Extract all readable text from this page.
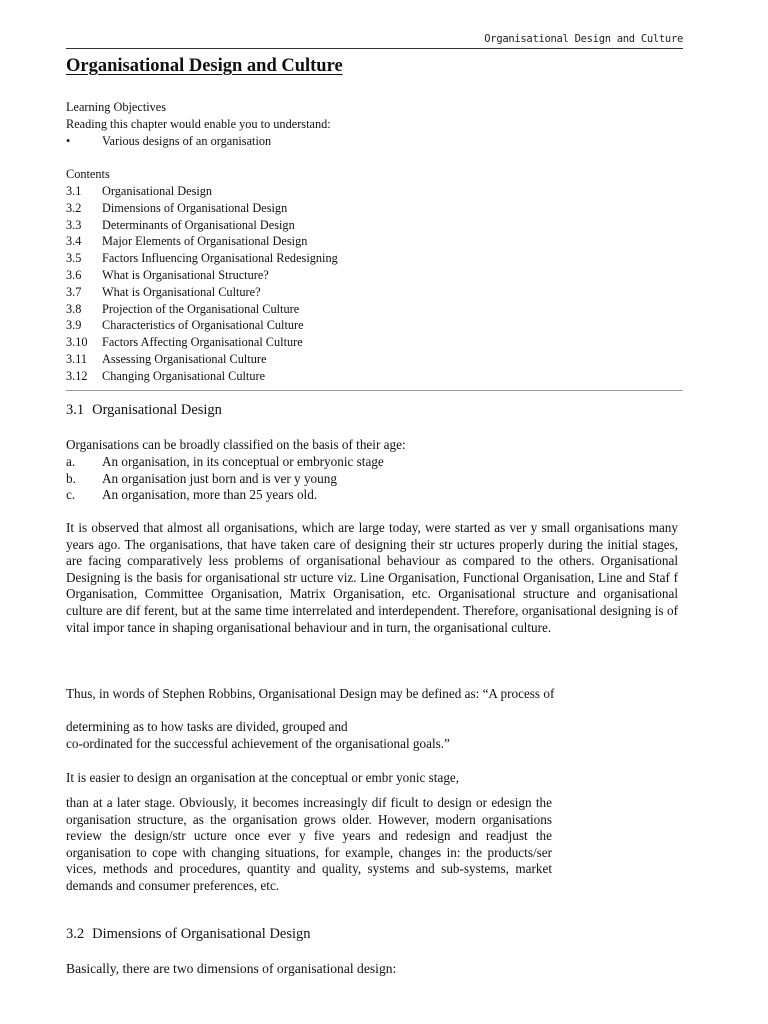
Organisational Design and Culture
Organisational Design and Culture
Learning Objectives
Reading this chapter would enable you to understand:
•	Various designs of an organisation
Contents
3.1 Organisational Design
3.2 Dimensions of Organisational Design
3.3 Determinants of Organisational Design
3.4 Major Elements of Organisational Design
3.5 Factors Influencing Organisational Redesigning
3.6 What is Organisational Structure?
3.7 What is Organisational Culture?
3.8 Projection of the Organisational Culture
3.9 Characteristics of Organisational Culture
3.10 Factors Affecting Organisational Culture
3.11 Assessing Organisational Culture
3.12 Changing Organisational Culture
3.1 Organisational Design
Organisations can be broadly classified on the basis of their age:
a. An organisation, in its conceptual or embryonic stage
b. An organisation just born and is ver y young
c. An organisation, more than 25 years old.
It is observed that almost all organisations, which are large today, were started as ver y small organisations many years ago. The organisations, that have taken care of designing their str uctures properly during the initial stages, are facing comparatively less problems of organisational behaviour as compared to the others. Organisational Designing is the basis for organisational str ucture viz. Line Organisation, Functional Organisation, Line and Staf f Organisation, Committee Organisation, Matrix Organisation, etc. Organisational structure and organisational culture are dif ferent, but at the same time interrelated and interdependent. Therefore, organisational designing is of vital impor tance in shaping organisational behaviour and in turn, the organisational culture.
Thus, in words of Stephen Robbins, Organisational Design may be defined as: “A process of
determining as to how tasks are divided, grouped and
co-ordinated for the successful achievement of the organisational goals.”
It is easier to design an organisation at the conceptual or embr yonic stage,
than at a later stage. Obviously, it becomes increasingly dif ficult to design or edesign the organisation structure, as the organisation grows older. However, modern organisations review the design/str ucture once ever y five years and redesign and readjust the organisation to cope with changing situations, for example, changes in: the products/ser vices, methods and procedures, quantity and quality, systems and sub-systems, market demands and consumer preferences, etc.
3.2 Dimensions of Organisational Design
Basically, there are two dimensions of organisational design:
